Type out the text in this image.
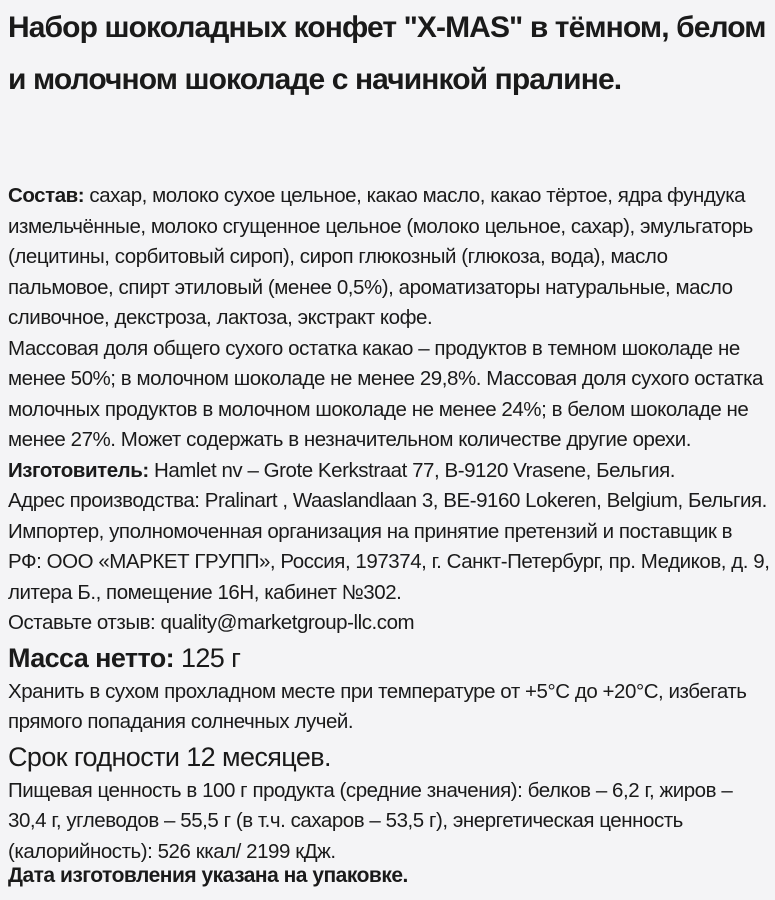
Набор шоколадных конфет "X-MAS" в тёмном, белом и молочном шоколаде с начинкой пралине.

Состав: сахар, молоко сухое цельное, какао масло, какао тёртое, ядра фундука измельчённые, молоко сгущенное цельное (молоко цельное, сахар), эмульгаторь (лецитины, сорбитовый сироп), сироп глюкозный (глюкоза, вода), масло пальмовое, спирт этиловый (менее 0,5%), ароматизаторы натуральные, масло сливочное, декстроза, лактоза, экстракт кофе.

Массовая доля общего сухого остатка какао – продуктов в темном шоколаде не менее 50%; в молочном шоколаде не менее 29,8%. Массовая доля сухого остатка молочных продуктов в молочном шоколаде не менее 24%; в белом шоколаде не менее 27%. Может содержать в незначительном количестве другие орехи.

Изготовитель: Hamlet nv – Grote Kerkstraat 77, B-9120 Vrasene, Бельгия.

Адрес производства: Pralinart , Waaslandlaan 3, BE-9160 Lokeren, Belgium, Бельгия.

Импортер, уполномоченная организация на принятие претензий и поставщик в РФ: ООО «МАРКЕТ ГРУПП», Россия, 197374, г. Санкт-Петербург, пр. Медиков, д. 9, литера Б., помещение 16Н, кабинет №302.

Оставьте отзыв: quality@marketgroup-llc.com

Масса нетто: 125 г

Хранить в сухом прохладном месте при температуре от +5°С до +20°С, избегать прямого попадания солнечных лучей.

Срок годности 12 месяцев.

Пищевая ценность в 100 г продукта (средние значения): белков – 6,2 г, жиров – 30,4 г, углеводов – 55,5 г (в т.ч. сахаров – 53,5 г), энергетическая ценность (калорийность): 526 ккал/ 2199 кДж.

Дата изготовления указана на упаковке.
